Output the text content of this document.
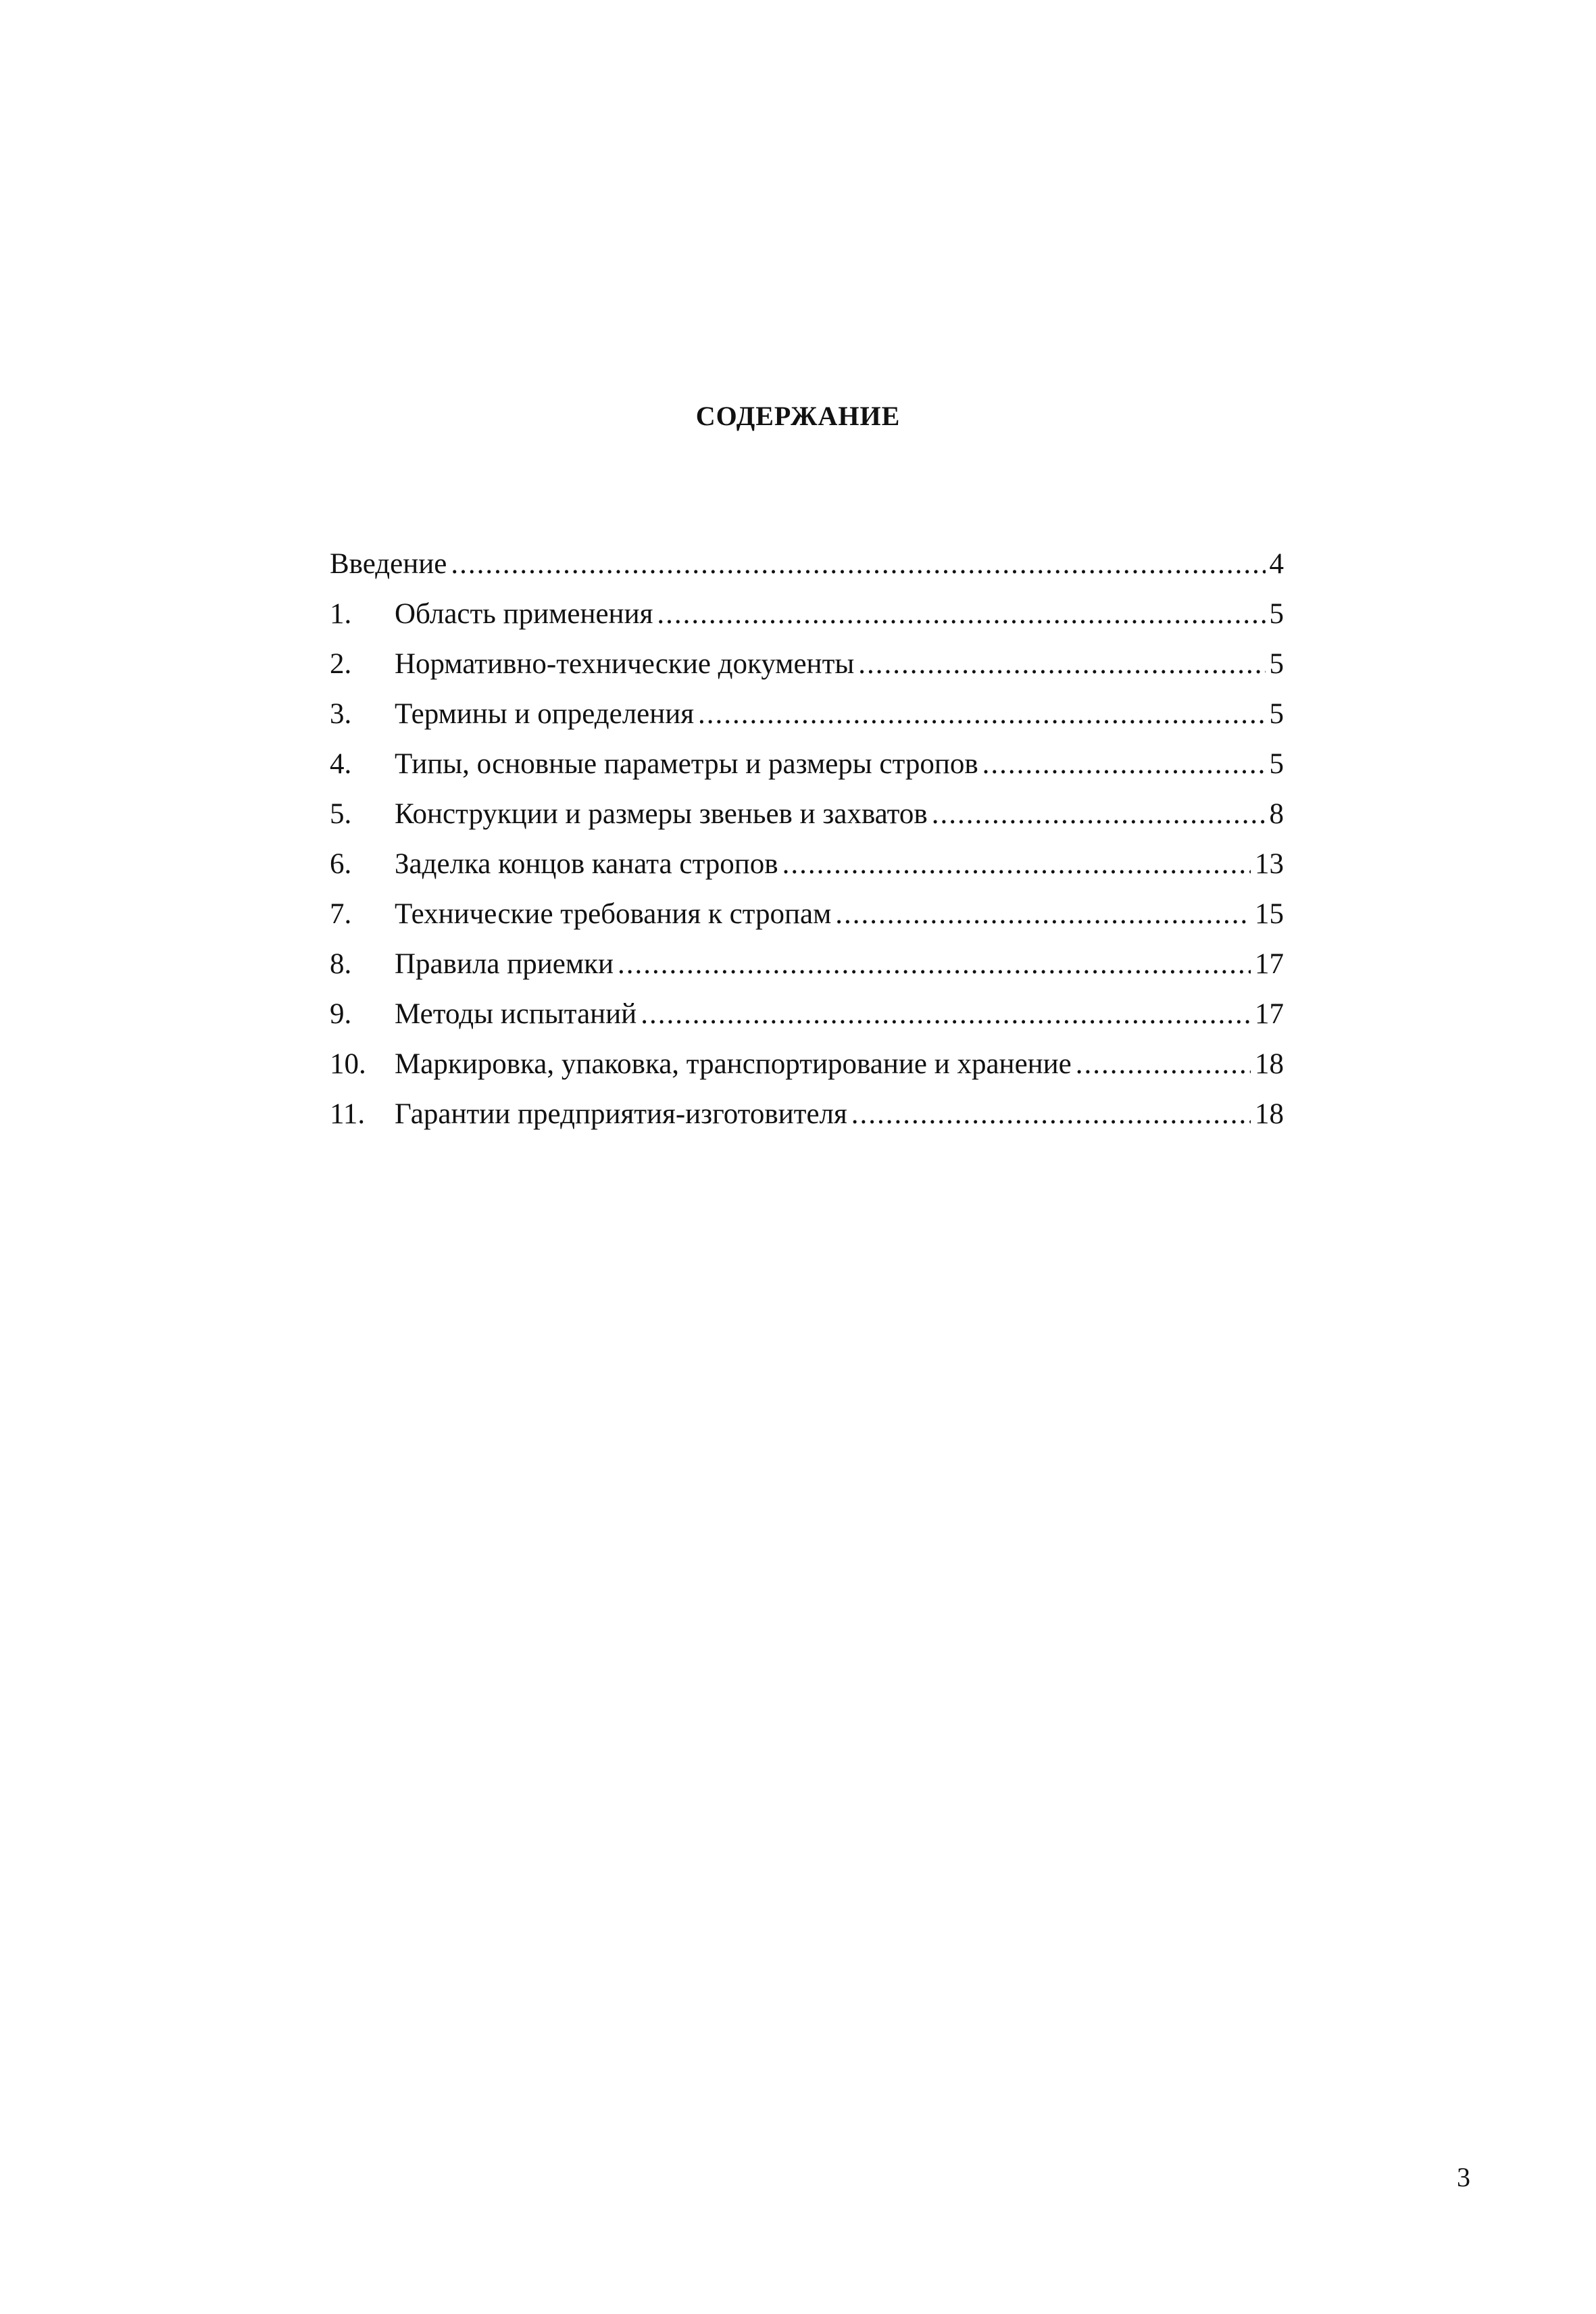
СОДЕРЖАНИЕ
Введение .....	4
1.	Область применения .....	5
2.	Нормативно-технические документы .....	5
3.	Термины и определения .....	5
4.	Типы, основные параметры и размеры стропов .....	5
5.	Конструкции и размеры звеньев и захватов .....	8
6.	Заделка концов каната стропов .....	13
7.	Технические требования к стропам .....	15
8.	Правила приемки .....	17
9.	Методы испытаний .....	17
10. Маркировка, упаковка, транспортирование и хранение .....	18
11.	Гарантии предприятия-изготовителя .....	18
3
